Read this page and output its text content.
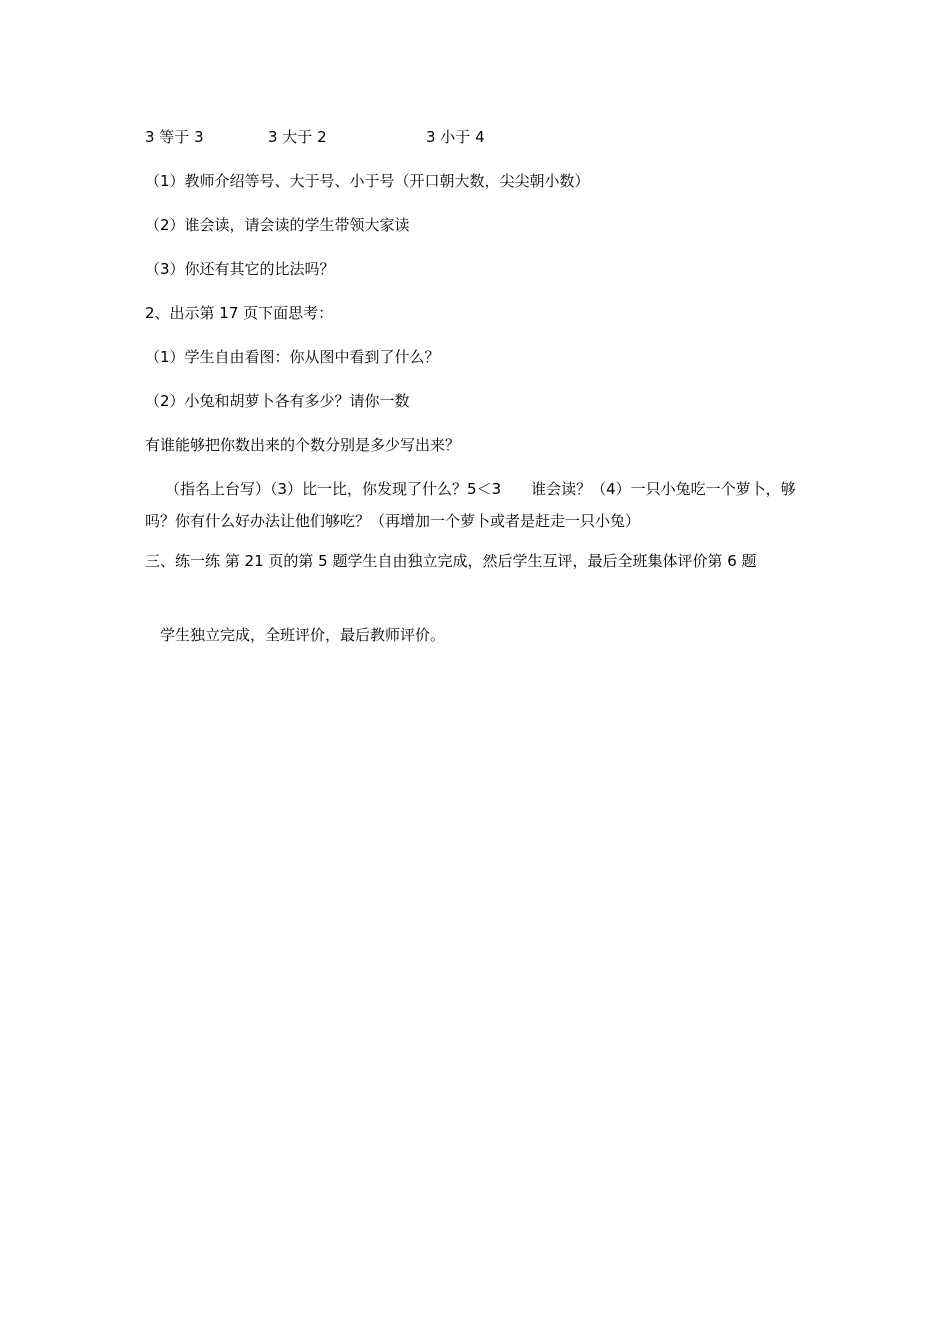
3 等于 3	3 大于 2	3 小于 4
（1）教师介绍等号、大于号、小于号（开口朝大数，尖尖朝小数）
（2）谁会读，请会读的学生带领大家读
（3）你还有其它的比法吗？
2、出示第 17 页下面思考：
（1）学生自由看图：你从图中看到了什么？
（2）小兔和胡萝卜各有多少？请你一数
有谁能够把你数出来的个数分别是多少写出来？
（指名上台写）（3）比一比，你发现了什么？5＜3　　谁会读？（4）一只小兔吃一个萝卜，够吗？你有什么好办法让他们够吃？（再增加一个萝卜或者是赶走一只小兔）
三、练一练 第 21 页的第 5 题学生自由独立完成，然后学生互评，最后全班集体评价第 6 题
学生独立完成，全班评价，最后教师评价。
